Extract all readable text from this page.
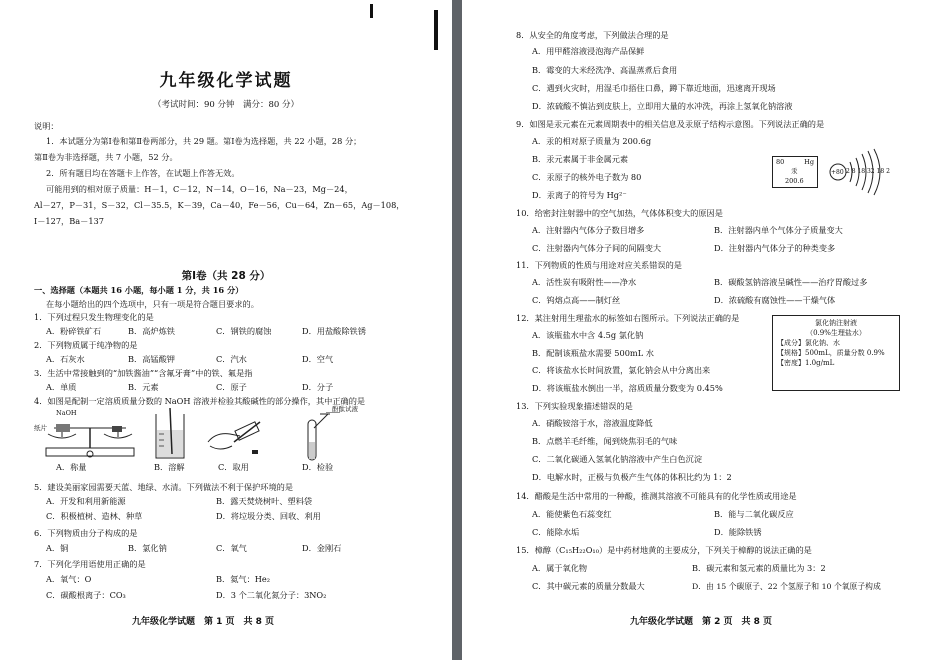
九年级化学试题
（考试时间：90 分钟　满分：80 分）
说明：
1．本试题分为第Ⅰ卷和第Ⅱ卷两部分，共 29 题。第Ⅰ卷为选择题，共 22 小题，28 分；
第Ⅱ卷为非选择题，共 7 小题，52 分。
2．所有题目均在答题卡上作答，在试题上作答无效。
可能用到的相对原子质量：H－1，C－12，N－14，O－16，Na－23，Mg－24，
Al－27，P－31，S－32，Cl－35.5，K－39，Ca－40，Fe－56，Cu－64，Zn－65，Ag－108，
I－127，Ba－137
第Ⅰ卷（共 28 分）
一、选择题（本题共 16 小题，每小题 1 分，共 16 分）
在每小题给出的四个选项中，只有一项是符合题目要求的。
1．下列过程只发生物理变化的是
A．粉碎铁矿石	B．高炉炼铁	C．钢铁的腐蚀	D．用盐酸除铁锈
2．下列物质属于纯净物的是
A．石灰水	B．高锰酸钾	C．汽水	D．空气
3．生活中常接触到的“加铁酱油”“含氟牙膏”中的铁、氟是指
A．单质	B．元素	C．原子	D．分子
4．如图是配制一定溶质质量分数的 NaOH 溶液并检验其酸碱性的部分操作，其中正确的是
NaOH
纸片
酚酞试液
A．称量	B．溶解	C．取用	D．检验
5．建设美丽家园需要天蓝、地绿、水清。下列做法不利于保护环境的是
A．开发和利用新能源	B．露天焚烧树叶、塑料袋
C．积极植树、造林、种草	D．将垃圾分类、回收、利用
6．下列物质由分子构成的是
A．铜	B．氯化钠	C．氧气	D．金刚石
7．下列化学用语使用正确的是
A．氧气：O	B．氦气：He₂
C．碳酸根离子：CO₃	D．3 个二氧化氮分子：3NO₂
九年级化学试题　第 1 页　共 8 页
8．从安全的角度考虑，下列做法合理的是
A．用甲醛溶液浸泡海产品保鲜
B．霉变的大米经洗净、高温蒸煮后食用
C．遇到火灾时，用湿毛巾捂住口鼻，蹲下靠近地面，迅速离开现场
D．浓硫酸不慎沾到皮肤上，立即用大量的水冲洗，再涂上氢氧化钠溶液
9．如图是汞元素在元素周期表中的相关信息及汞原子结构示意图。下列说法正确的是
A．汞的相对原子质量为 200.6g
B．汞元素属于非金属元素
C．汞原子的核外电子数为 80
D．汞离子的符号为 Hg²⁻
80	Hg
汞
200.6
+80 2 8 18 32 18 2
10．给密封注射器中的空气加热，气体体积变大的原因是
A．注射器内气体分子数目增多	B．注射器内单个气体分子质量变大
C．注射器内气体分子间的间隔变大	D．注射器内气体分子的种类变多
11．下列物质的性质与用途对应关系错误的是
A．活性炭有吸附性——净水	B．碳酸氢钠溶液呈碱性——治疗胃酸过多
C．钨熔点高——制灯丝	D．浓硫酸有腐蚀性——干燥气体
12．某注射用生理盐水的标签如右图所示。下列说法正确的是
A．该瓶盐水中含 4.5g 氯化钠
B．配制该瓶盐水需要 500mL 水
C．将该盐水长时间放置，氯化钠会从中分离出来
D．将该瓶盐水倒出一半，溶质质量分数变为 0.45%
氯化钠注射液
（0.9%生理盐水）
【成分】氯化钠、水
【规格】500mL，质量分数 0.9%
【密度】1.0g/mL
13．下列实验现象描述错误的是
A．硝酸铵溶于水，溶液温度降低
B．点燃羊毛纤维，闻到烧焦羽毛的气味
C．二氧化碳通入氢氧化钠溶液中产生白色沉淀
D．电解水时，正极与负极产生气体的体积比约为 1：2
14．醋酸是生活中常用的一种酸，推测其溶液不可能具有的化学性质或用途是
A．能使紫色石蕊变红	B．能与二氧化碳反应
C．能除水垢	D．能除铁锈
15．樟醇（C₁₅H₂₂O₁₀）是中药材地黄的主要成分，下列关于樟醇的说法正确的是
A．属于氧化物	B．碳元素和氢元素的质量比为 3：2
C．其中碳元素的质量分数最大	D．由 15 个碳原子、22 个氢原子和 10 个氧原子构成
九年级化学试题　第 2 页　共 8 页
